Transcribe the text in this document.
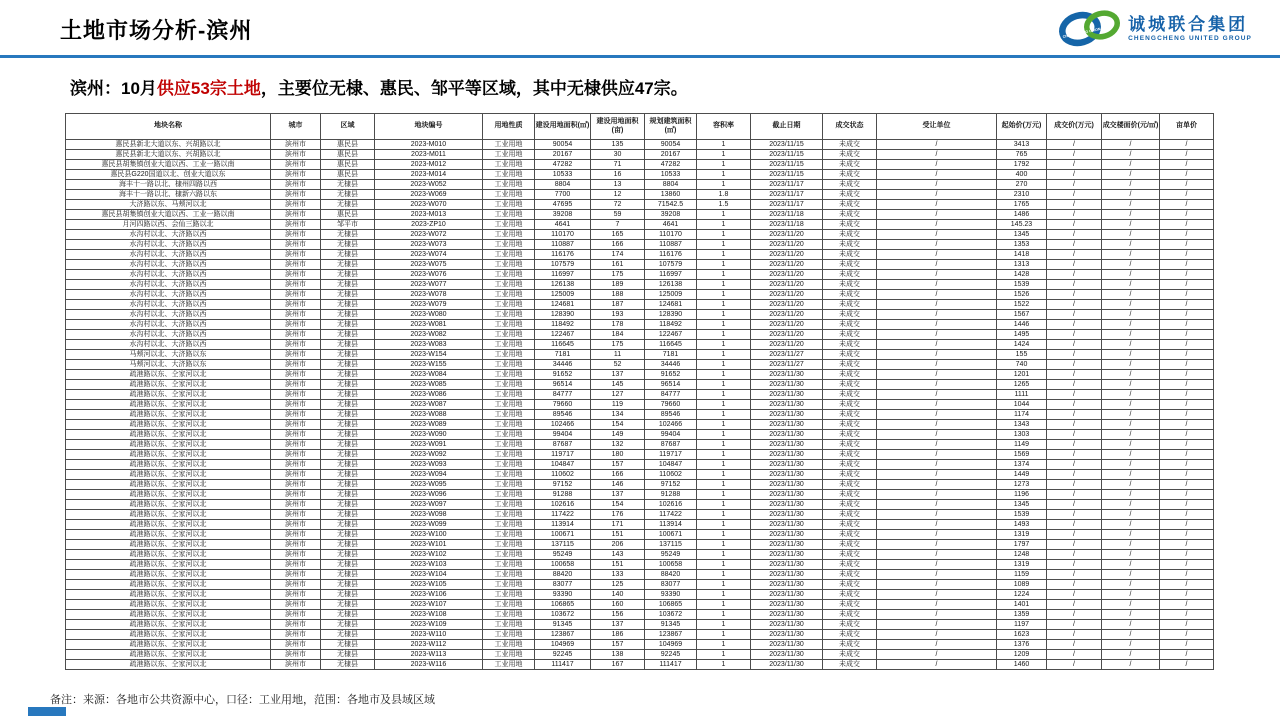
土地市场分析-滨州	CHENGCHENG UNION 诚城联合集团
CHENGCHENG UNITED GROUP
滨州：10月供应53宗土地，主要位无棣、惠民、邹平等区域，其中无棣供应47宗。
地块名称	城市	区域	地块编号	用地性质	建设用地面积(㎡)	建设用地面积(亩)	规划建筑面积(㎡)	容积率	截止日期	成交状态	受让单位	起始价(万元)	成交价(万元)	成交楼面价(元/㎡)	亩单价
惠民县新北大道以东、兴胡路以北	滨州市	惠民县	2023-M010	工业用地	90054	135	90054	1	2023/11/15	未成交	/	3413	/	/	/
惠民县新北大道以东、兴胡路以北	滨州市	惠民县	2023-M011	工业用地	20167	30	20167	1	2023/11/15	未成交	/	765	/	/	/
惠民县胡集镇创业大道以西、工业一路以南	滨州市	惠民县	2023-M012	工业用地	47282	71	47282	1	2023/11/15	未成交	/	1792	/	/	/
惠民县G220国道以北、创业大道以东	滨州市	惠民县	2023-M014	工业用地	10533	16	10533	1	2023/11/15	未成交	/	400	/	/	/
海丰十一路以北、棣州四路以西	滨州市	无棣县	2023-W052	工业用地	8804	13	8804	1	2023/11/17	未成交	/	270	/	/	/
海丰十一路以北、棣新六路以东	滨州市	无棣县	2023-W069	工业用地	7700	12	13860	1.8	2023/11/17	未成交	/	2310	/	/	/
大济路以东、马颊河以北	滨州市	无棣县	2023-W070	工业用地	47695	72	71542.5	1.5	2023/11/17	未成交	/	1765	/	/	/
惠民县胡集镇创业大道以西、工业一路以南	滨州市	惠民县	2023-M013	工业用地	39208	59	39208	1	2023/11/18	未成交	/	1486	/	/	/
月河四路以西、会仙三路以北	滨州市	邹平市	2023-ZP10	工业用地	4641	7	4641	1	2023/11/18	未成交	/	145.23	/	/	/
水沟村以北、大济路以西	滨州市	无棣县	2023-W072	工业用地	110170	165	110170	1	2023/11/20	未成交	/	1345	/	/	/
水沟村以北、大济路以西	滨州市	无棣县	2023-W073	工业用地	110887	166	110887	1	2023/11/20	未成交	/	1353	/	/	/
水沟村以北、大济路以西	滨州市	无棣县	2023-W074	工业用地	116176	174	116176	1	2023/11/20	未成交	/	1418	/	/	/
水沟村以北、大济路以西	滨州市	无棣县	2023-W075	工业用地	107579	161	107579	1	2023/11/20	未成交	/	1313	/	/	/
水沟村以北、大济路以西	滨州市	无棣县	2023-W076	工业用地	116997	175	116997	1	2023/11/20	未成交	/	1428	/	/	/
水沟村以北、大济路以西	滨州市	无棣县	2023-W077	工业用地	126138	189	126138	1	2023/11/20	未成交	/	1539	/	/	/
水沟村以北、大济路以西	滨州市	无棣县	2023-W078	工业用地	125009	188	125009	1	2023/11/20	未成交	/	1526	/	/	/
水沟村以北、大济路以西	滨州市	无棣县	2023-W079	工业用地	124681	187	124681	1	2023/11/20	未成交	/	1522	/	/	/
水沟村以北、大济路以西	滨州市	无棣县	2023-W080	工业用地	128390	193	128390	1	2023/11/20	未成交	/	1567	/	/	/
水沟村以北、大济路以西	滨州市	无棣县	2023-W081	工业用地	118492	178	118492	1	2023/11/20	未成交	/	1446	/	/	/
水沟村以北、大济路以西	滨州市	无棣县	2023-W082	工业用地	122467	184	122467	1	2023/11/20	未成交	/	1495	/	/	/
水沟村以北、大济路以西	滨州市	无棣县	2023-W083	工业用地	116645	175	116645	1	2023/11/20	未成交	/	1424	/	/	/
马颊河以北、大济路以东	滨州市	无棣县	2023-W154	工业用地	7181	11	7181	1	2023/11/27	未成交	/	155	/	/	/
马颊河以北、大济路以东	滨州市	无棣县	2023-W155	工业用地	34446	52	34446	1	2023/11/27	未成交	/	740	/	/	/
疏港路以东、仝家河以北	滨州市	无棣县	2023-W084	工业用地	91652	137	91652	1	2023/11/30	未成交	/	1201	/	/	/
疏港路以东、仝家河以北	滨州市	无棣县	2023-W085	工业用地	96514	145	96514	1	2023/11/30	未成交	/	1265	/	/	/
疏港路以东、仝家河以北	滨州市	无棣县	2023-W086	工业用地	84777	127	84777	1	2023/11/30	未成交	/	1111	/	/	/
疏港路以东、仝家河以北	滨州市	无棣县	2023-W087	工业用地	79660	119	79660	1	2023/11/30	未成交	/	1044	/	/	/
疏港路以东、仝家河以北	滨州市	无棣县	2023-W088	工业用地	89546	134	89546	1	2023/11/30	未成交	/	1174	/	/	/
疏港路以东、仝家河以北	滨州市	无棣县	2023-W089	工业用地	102466	154	102466	1	2023/11/30	未成交	/	1343	/	/	/
疏港路以东、仝家河以北	滨州市	无棣县	2023-W090	工业用地	99404	149	99404	1	2023/11/30	未成交	/	1303	/	/	/
疏港路以东、仝家河以北	滨州市	无棣县	2023-W091	工业用地	87687	132	87687	1	2023/11/30	未成交	/	1149	/	/	/
疏港路以东、仝家河以北	滨州市	无棣县	2023-W092	工业用地	119717	180	119717	1	2023/11/30	未成交	/	1569	/	/	/
疏港路以东、仝家河以北	滨州市	无棣县	2023-W093	工业用地	104847	157	104847	1	2023/11/30	未成交	/	1374	/	/	/
疏港路以东、仝家河以北	滨州市	无棣县	2023-W094	工业用地	110602	166	110602	1	2023/11/30	未成交	/	1449	/	/	/
疏港路以东、仝家河以北	滨州市	无棣县	2023-W095	工业用地	97152	146	97152	1	2023/11/30	未成交	/	1273	/	/	/
疏港路以东、仝家河以北	滨州市	无棣县	2023-W096	工业用地	91288	137	91288	1	2023/11/30	未成交	/	1196	/	/	/
疏港路以东、仝家河以北	滨州市	无棣县	2023-W097	工业用地	102616	154	102616	1	2023/11/30	未成交	/	1345	/	/	/
疏港路以东、仝家河以北	滨州市	无棣县	2023-W098	工业用地	117422	176	117422	1	2023/11/30	未成交	/	1539	/	/	/
疏港路以东、仝家河以北	滨州市	无棣县	2023-W099	工业用地	113914	171	113914	1	2023/11/30	未成交	/	1493	/	/	/
疏港路以东、仝家河以北	滨州市	无棣县	2023-W100	工业用地	100671	151	100671	1	2023/11/30	未成交	/	1319	/	/	/
疏港路以东、仝家河以北	滨州市	无棣县	2023-W101	工业用地	137115	206	137115	1	2023/11/30	未成交	/	1797	/	/	/
疏港路以东、仝家河以北	滨州市	无棣县	2023-W102	工业用地	95249	143	95249	1	2023/11/30	未成交	/	1248	/	/	/
疏港路以东、仝家河以北	滨州市	无棣县	2023-W103	工业用地	100658	151	100658	1	2023/11/30	未成交	/	1319	/	/	/
疏港路以东、仝家河以北	滨州市	无棣县	2023-W104	工业用地	88420	133	88420	1	2023/11/30	未成交	/	1159	/	/	/
疏港路以东、仝家河以北	滨州市	无棣县	2023-W105	工业用地	83077	125	83077	1	2023/11/30	未成交	/	1089	/	/	/
疏港路以东、仝家河以北	滨州市	无棣县	2023-W106	工业用地	93390	140	93390	1	2023/11/30	未成交	/	1224	/	/	/
疏港路以东、仝家河以北	滨州市	无棣县	2023-W107	工业用地	106865	160	106865	1	2023/11/30	未成交	/	1401	/	/	/
疏港路以东、仝家河以北	滨州市	无棣县	2023-W108	工业用地	103672	156	103672	1	2023/11/30	未成交	/	1359	/	/	/
疏港路以东、仝家河以北	滨州市	无棣县	2023-W109	工业用地	91345	137	91345	1	2023/11/30	未成交	/	1197	/	/	/
疏港路以东、仝家河以北	滨州市	无棣县	2023-W110	工业用地	123867	186	123867	1	2023/11/30	未成交	/	1623	/	/	/
疏港路以东、仝家河以北	滨州市	无棣县	2023-W112	工业用地	104969	157	104969	1	2023/11/30	未成交	/	1376	/	/	/
疏港路以东、仝家河以北	滨州市	无棣县	2023-W113	工业用地	92245	138	92245	1	2023/11/30	未成交	/	1209	/	/	/
疏港路以东、仝家河以北	滨州市	无棣县	2023-W116	工业用地	111417	167	111417	1	2023/11/30	未成交	/	1460	/	/	/
备注：来源：各地市公共资源中心，口径：工业用地，范围：各地市及县域区域
